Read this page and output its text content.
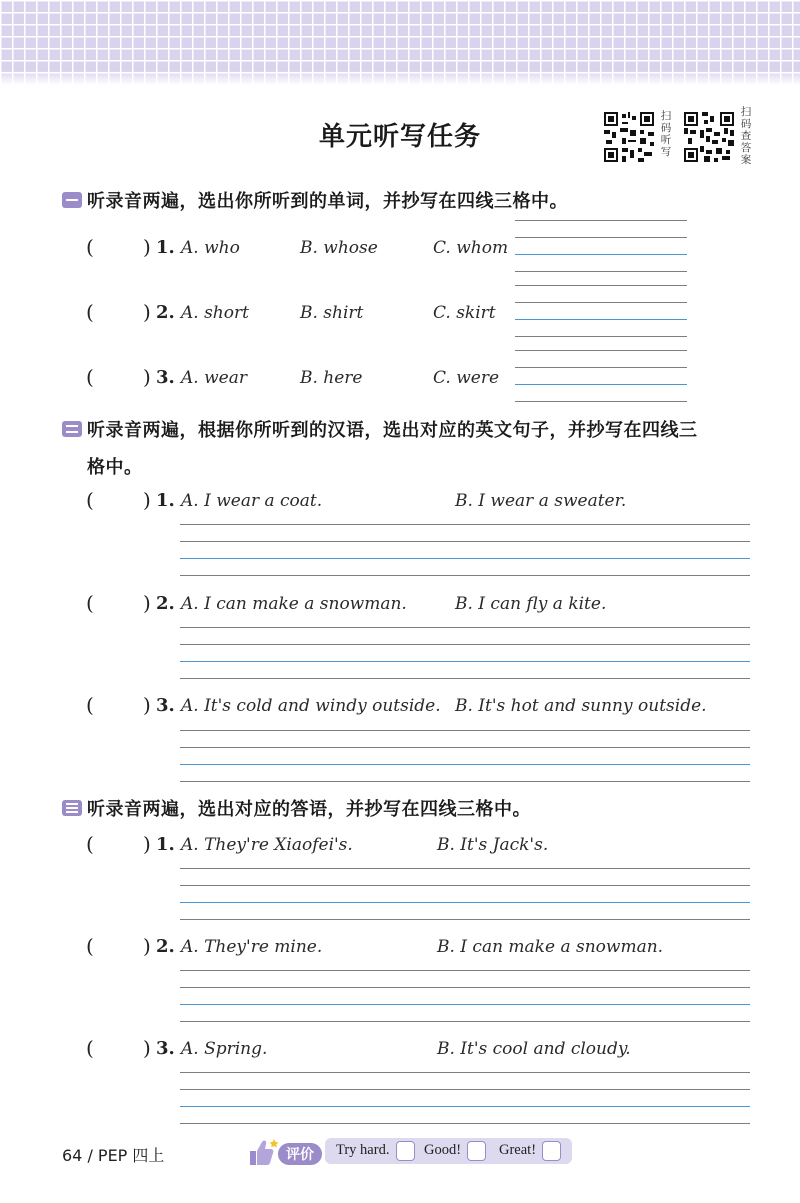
单元听写任务
扫码听写
扫码查答案
听录音两遍，选出你所听到的单词，并抄写在四线三格中。
( ) 1. A. who	B. whose	C. whom
( ) 2. A. short	B. shirt	C. skirt
( ) 3. A. wear	B. here	C. were
听录音两遍，根据你所听到的汉语，选出对应的英文句子，并抄写在四线三
格中。
( ) 1. A. I wear a coat.	B. I wear a sweater.
( ) 2. A. I can make a snowman.	B. I can fly a kite.
( ) 3. A. It's cold and windy outside. B. It's hot and sunny outside.
听录音两遍，选出对应的答语，并抄写在四线三格中。
( ) 1. A. They're Xiaofei's.	B. It's Jack's.
( ) 2. A. They're mine.	B. I can make a snowman.
( ) 3. A. Spring.	B. It's cool and cloudy.
64 / PEP 四上	评价	Try hard. Good!	Great!
